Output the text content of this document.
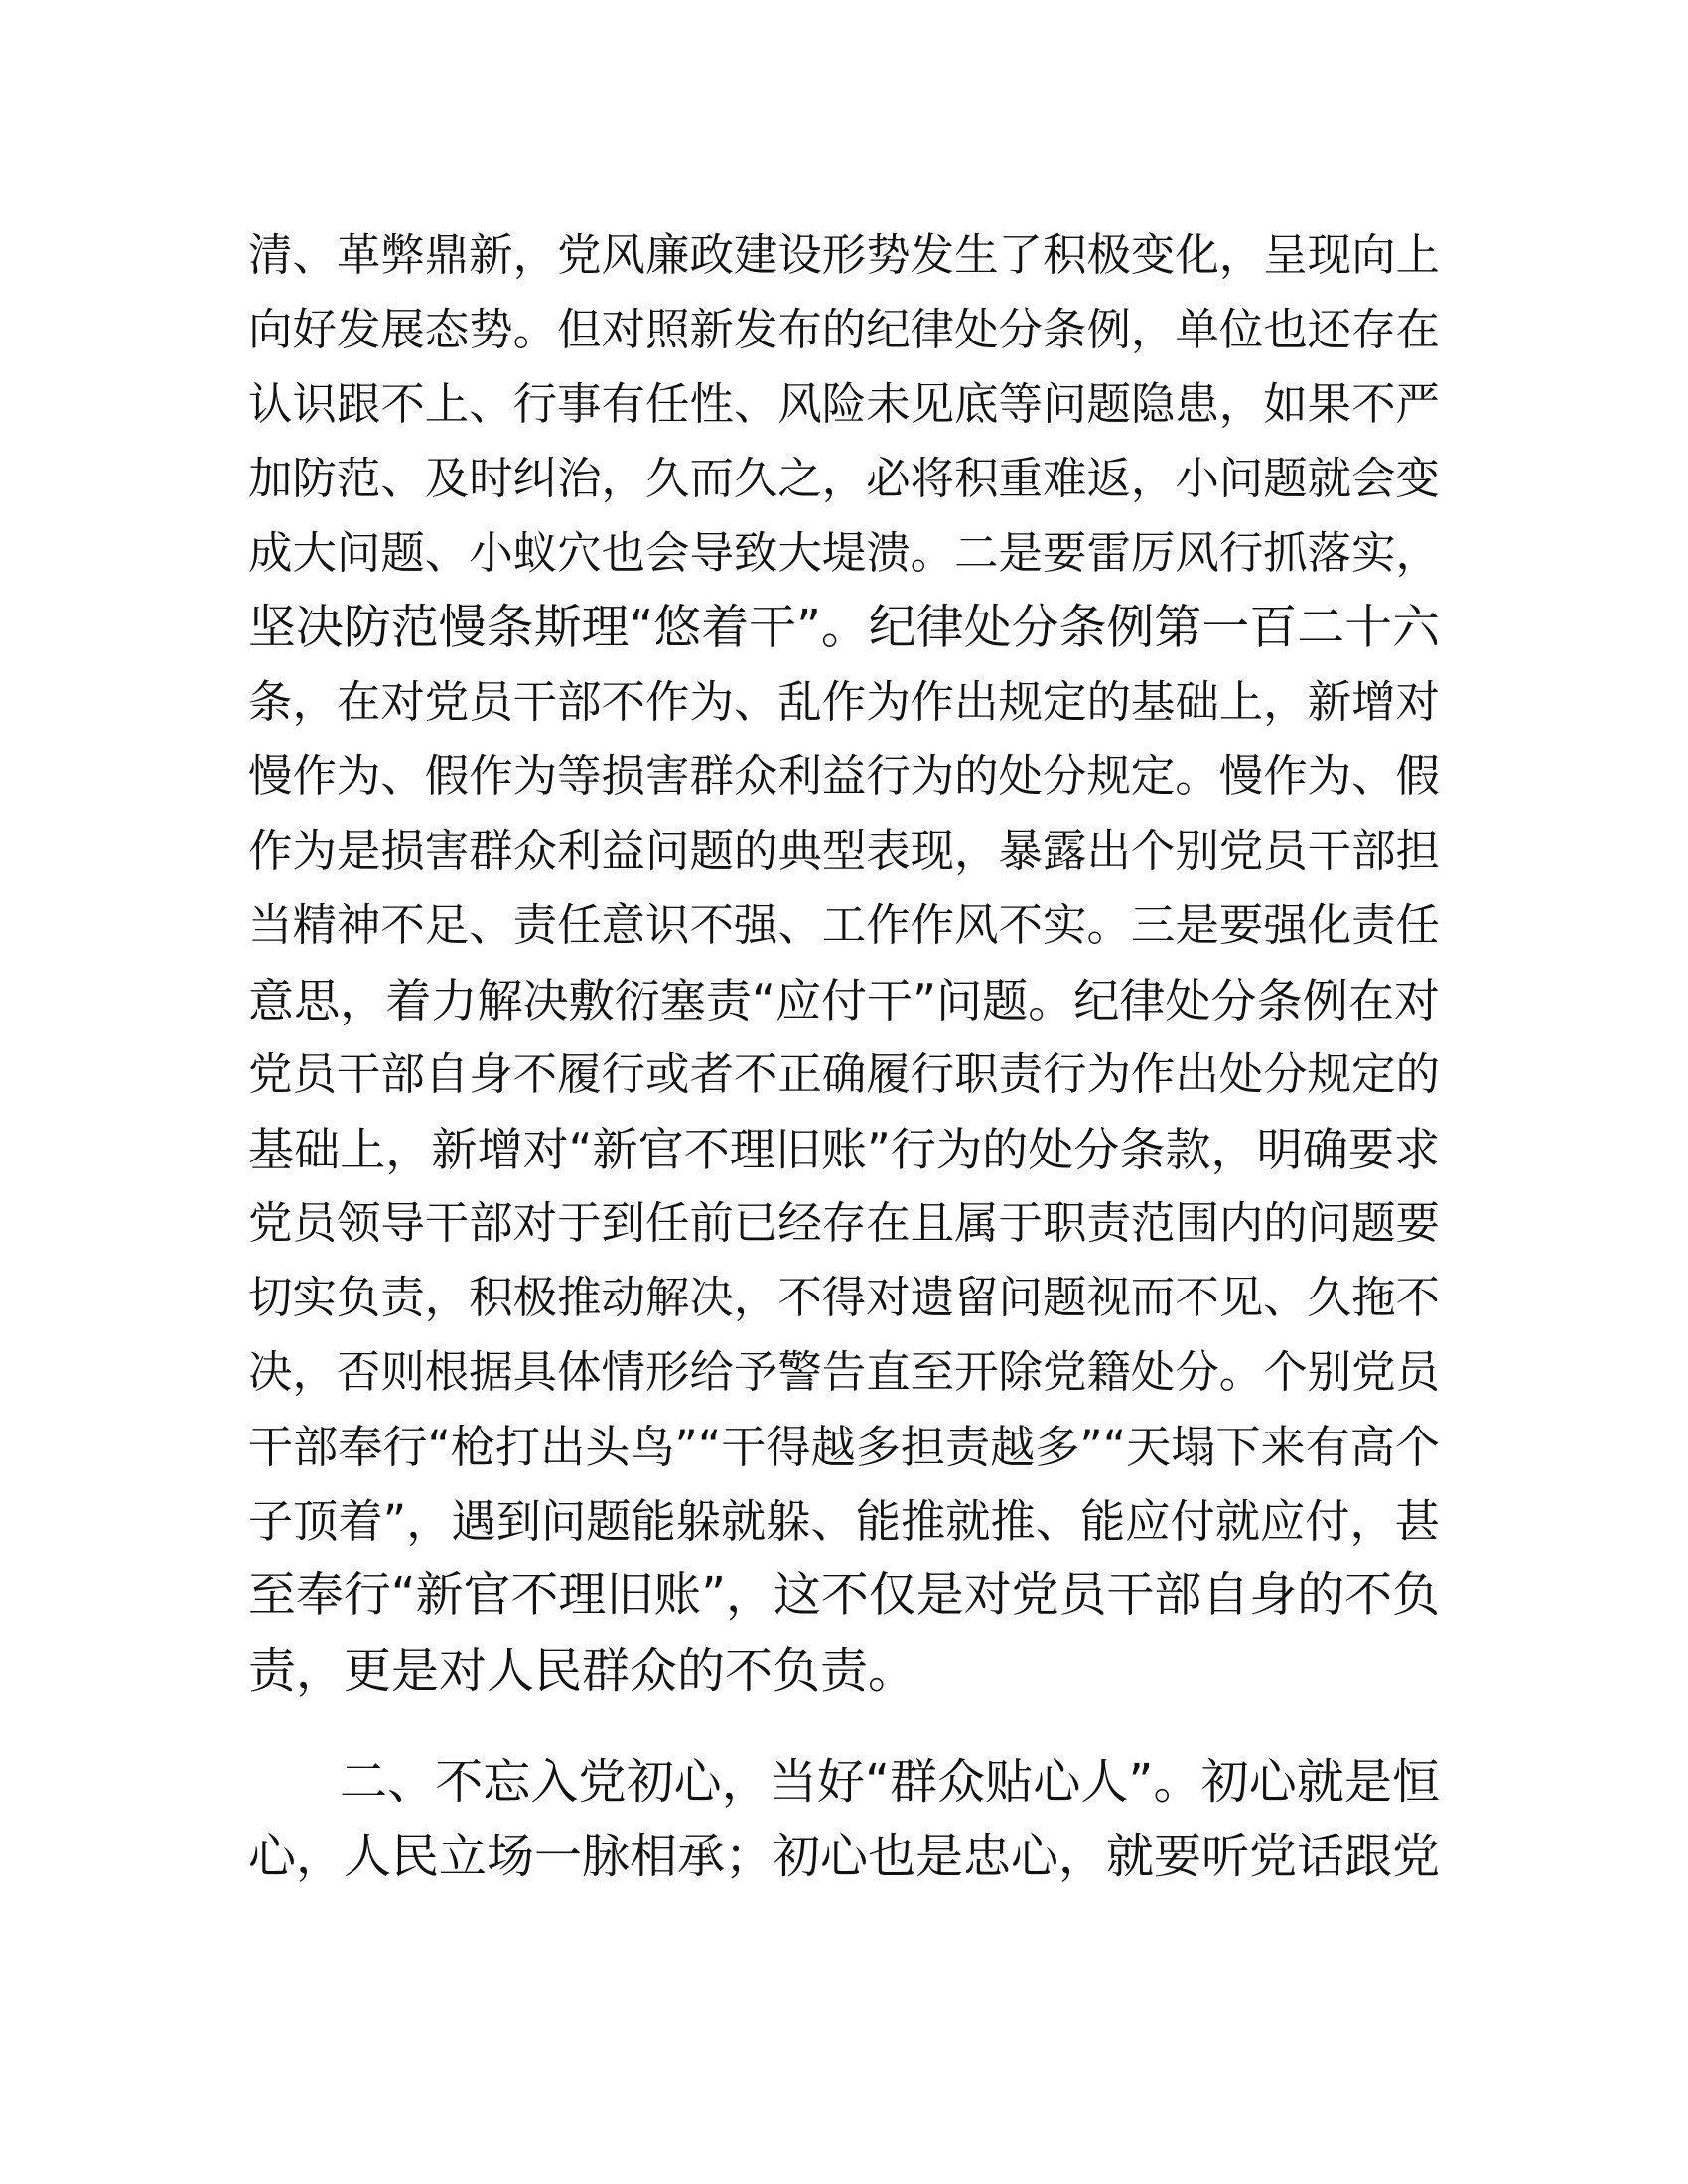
清、革弊鼎新，党风廉政建设形势发生了积极变化，呈现向上
向好发展态势。但对照新发布的纪律处分条例，单位也还存在
认识跟不上、行事有任性、风险未见底等问题隐患，如果不严
加防范、及时纠治，久而久之，必将积重难返，小问题就会变
成大问题、小蚁穴也会导致大堤溃。二是要雷厉风行抓落实，
坚决防范慢条斯理“悠着干”。纪律处分条例第一百二十六
条，在对党员干部不作为、乱作为作出规定的基础上，新增对
慢作为、假作为等损害群众利益行为的处分规定。慢作为、假
作为是损害群众利益问题的典型表现，暴露出个别党员干部担
当精神不足、责任意识不强、工作作风不实。三是要强化责任
意思，着力解决敷衍塞责“应付干”问题。纪律处分条例在对
党员干部自身不履行或者不正确履行职责行为作出处分规定的
基础上，新增对“新官不理旧账”行为的处分条款，明确要求
党员领导干部对于到任前已经存在且属于职责范围内的问题要
切实负责，积极推动解决，不得对遗留问题视而不见、久拖不
决，否则根据具体情形给予警告直至开除党籍处分。个别党员
干部奉行“枪打出头鸟”“干得越多担责越多”“天塌下来有高个
子顶着”，遇到问题能躲就躲、能推就推、能应付就应付，甚
至奉行“新官不理旧账”，这不仅是对党员干部自身的不负
责，更是对人民群众的不负责。
二、不忘入党初心，当好“群众贴心人”。初心就是恒
心，人民立场一脉相承；初心也是忠心，就要听党话跟党
